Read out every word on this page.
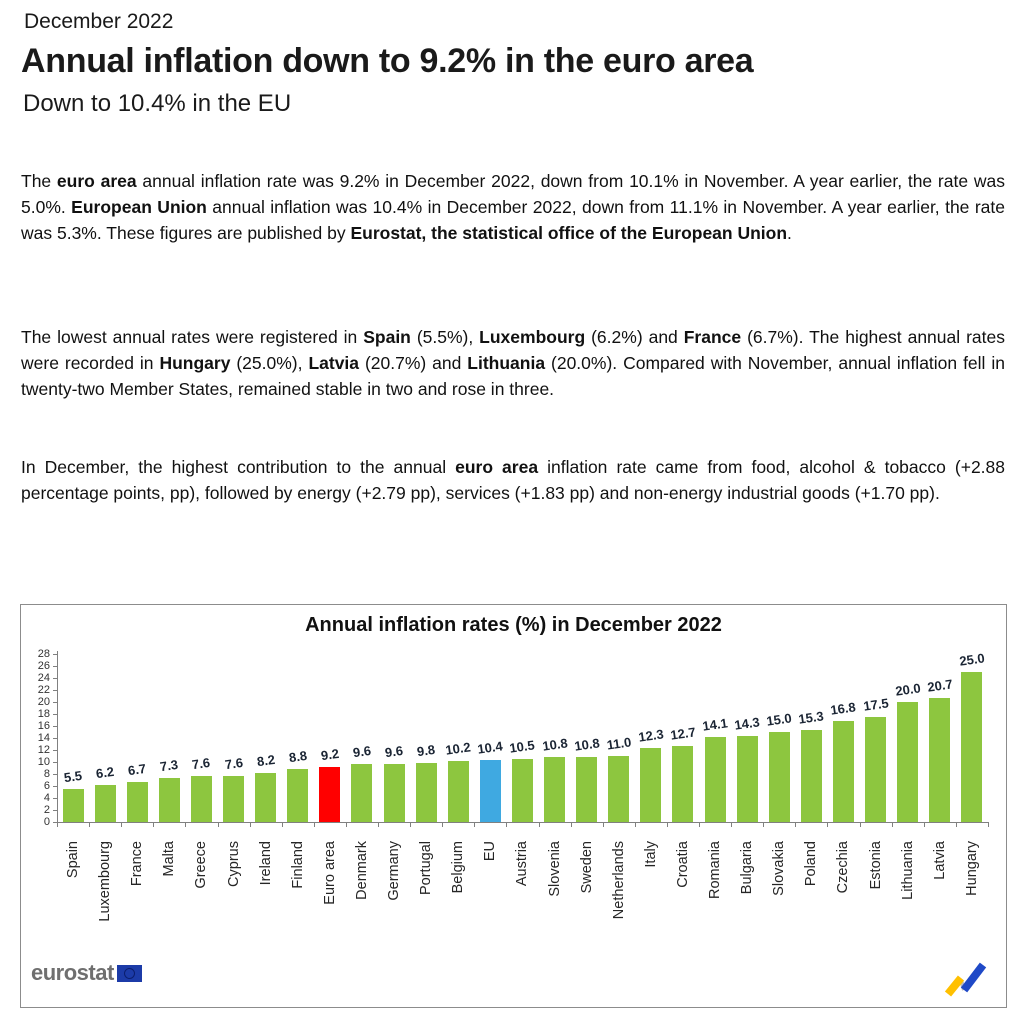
December 2022
Annual inflation down to 9.2% in the euro area
Down to 10.4% in the EU

The euro area annual inflation rate was 9.2% in December 2022, down from 10.1% in November. A year earlier, the rate was 5.0%. European Union annual inflation was 10.4% in December 2022, down from 11.1% in November. A year earlier, the rate was 5.3%. These figures are published by Eurostat, the statistical office of the European Union.

The lowest annual rates were registered in Spain (5.5%), Luxembourg (6.2%) and France (6.7%). The highest annual rates were recorded in Hungary (25.0%), Latvia (20.7%) and Lithuania (20.0%). Compared with November, annual inflation fell in twenty-two Member States, remained stable in two and rose in three.

In December, the highest contribution to the annual euro area inflation rate came from food, alcohol & tobacco (+2.88 percentage points, pp), followed by energy (+2.79 pp), services (+1.83 pp) and non-energy industrial goods (+1.70 pp).

Annual inflation rates (%) in December 2022
0
2
4
6
8
10
12
14
16
18
20
22
24
26
28
5.5
Spain
6.2
Luxembourg
6.7
France
7.3
Malta
7.6
Greece
7.6
Cyprus
8.2
Ireland
8.8
Finland
9.2
Euro area
9.6
Denmark
9.6
Germany
9.8
Portugal
10.2
Belgium
10.4
EU
10.5
Austria
10.8
Slovenia
10.8
Sweden
11.0
Netherlands
12.3
Italy
12.7
Croatia
14.1
Romania
14.3
Bulgaria
15.0
Slovakia
15.3
Poland
16.8
Czechia
17.5
Estonia
20.0
Lithuania
20.7
Latvia
25.0
Hungary
eurostat
